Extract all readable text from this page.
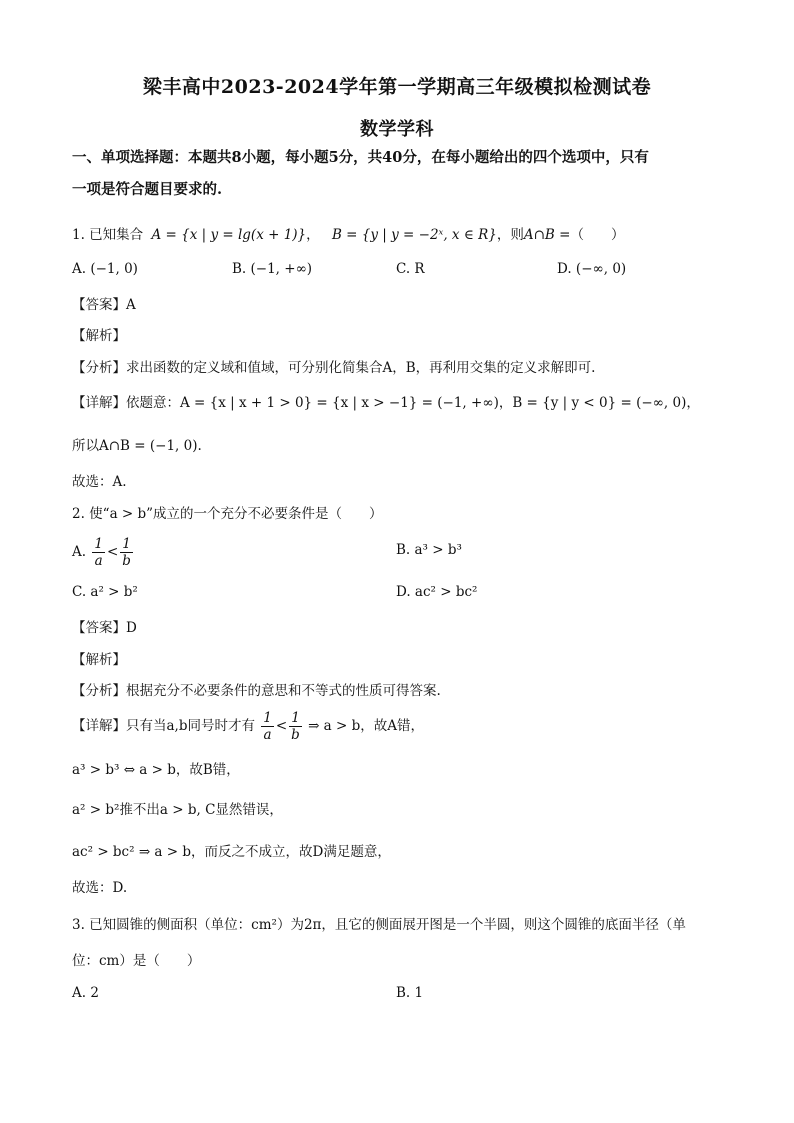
梁丰高中2023-2024学年第一学期高三年级模拟检测试卷
数学学科
一、单项选择题：本题共8小题，每小题5分，共40分，在每小题给出的四个选项中，只有
一项是符合题目要求的.
1. 已知集合 A = {x | y = lg(x + 1)}， B = {y | y = −2ˣ, x ∈ R}，则A∩B =（　　）
A. (−1, 0)	B. (−1, +∞)	C. R	D. (−∞, 0)
【答案】A
【解析】
【分析】求出函数的定义域和值域，可分别化简集合A，B，再利用交集的定义求解即可.
【详解】依题意：A = {x | x + 1 > 0} = {x | x > −1} = (−1, +∞)，B = {y | y < 0} = (−∞, 0)，
所以A∩B = (−1, 0).
故选：A.
2. 使“a > b”成立的一个充分不必要条件是（　　）
A. $\frac{1}{a} < \frac{1}{b}$	B. a³ > b³
C. a² > b²	D. ac² > bc²
【答案】D
【解析】
【分析】根据充分不必要条件的意思和不等式的性质可得答案.
【详解】只有当a,b同号时才有 $\frac{1}{a} < \frac{1}{b}$ ⇒ a > b，故A错，
a³ > b³ ⇔ a > b，故B错，
a² > b²推不出a > b, C显然错误，
ac² > bc² ⇒ a > b，而反之不成立，故D满足题意，
故选：D.
3. 已知圆锥的侧面积（单位：cm²）为2π，且它的侧面展开图是一个半圆，则这个圆锥的底面半径（单
位：cm）是（　　）
A. 2	B. 1
